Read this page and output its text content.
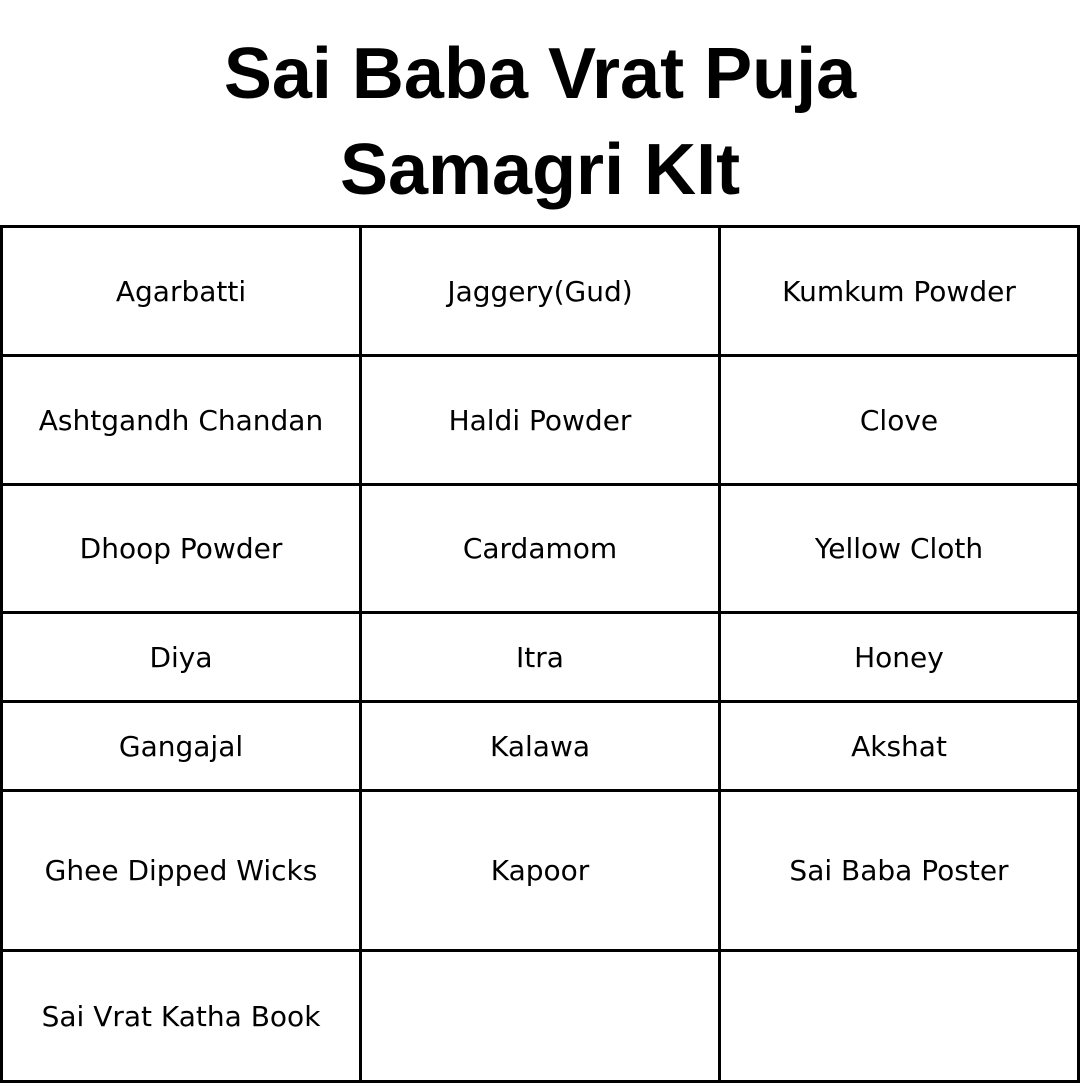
Sai Baba Vrat Puja
Samagri KIt
Agarbatti	Jaggery(Gud)	Kumkum Powder
Ashtgandh Chandan	Haldi Powder	Clove
Dhoop Powder	Cardamom	Yellow Cloth
Diya	Itra	Honey
Gangajal	Kalawa	Akshat
Ghee Dipped Wicks	Kapoor	Sai Baba Poster
Sai Vrat Katha Book		
